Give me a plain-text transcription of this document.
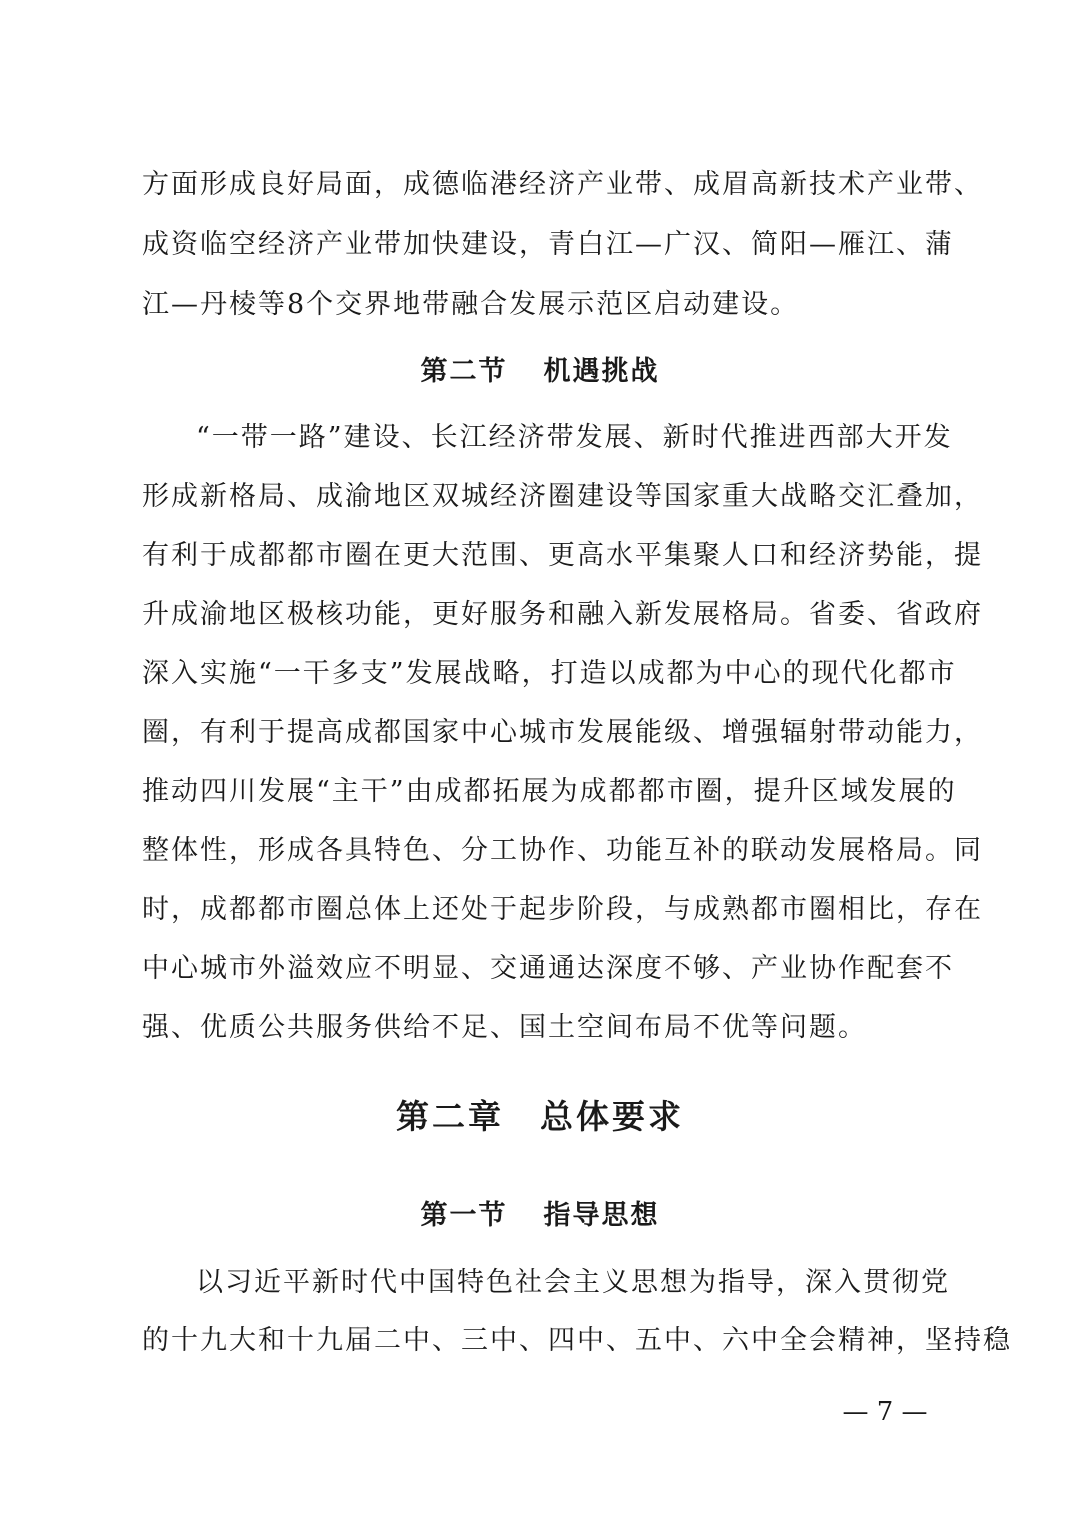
方面形成良好局面，成德临港经济产业带、成眉高新技术产业带、
成资临空经济产业带加快建设，青白江—广汉、简阳—雁江、蒲
江—丹棱等8个交界地带融合发展示范区启动建设。
第二节 机遇挑战
“一带一路”建设、长江经济带发展、新时代推进西部大开发
形成新格局、成渝地区双城经济圈建设等国家重大战略交汇叠加，
有利于成都都市圈在更大范围、更高水平集聚人口和经济势能，提
升成渝地区极核功能，更好服务和融入新发展格局。省委、省政府
深入实施“一干多支”发展战略，打造以成都为中心的现代化都市
圈，有利于提高成都国家中心城市发展能级、增强辐射带动能力，
推动四川发展“主干”由成都拓展为成都都市圈，提升区域发展的
整体性，形成各具特色、分工协作、功能互补的联动发展格局。同
时，成都都市圈总体上还处于起步阶段，与成熟都市圈相比，存在
中心城市外溢效应不明显、交通通达深度不够、产业协作配套不
强、优质公共服务供给不足、国土空间布局不优等问题。
第二章 总体要求
第一节 指导思想
以习近平新时代中国特色社会主义思想为指导，深入贯彻党
的十九大和十九届二中、三中、四中、五中、六中全会精神，坚持稳
— 7 —
